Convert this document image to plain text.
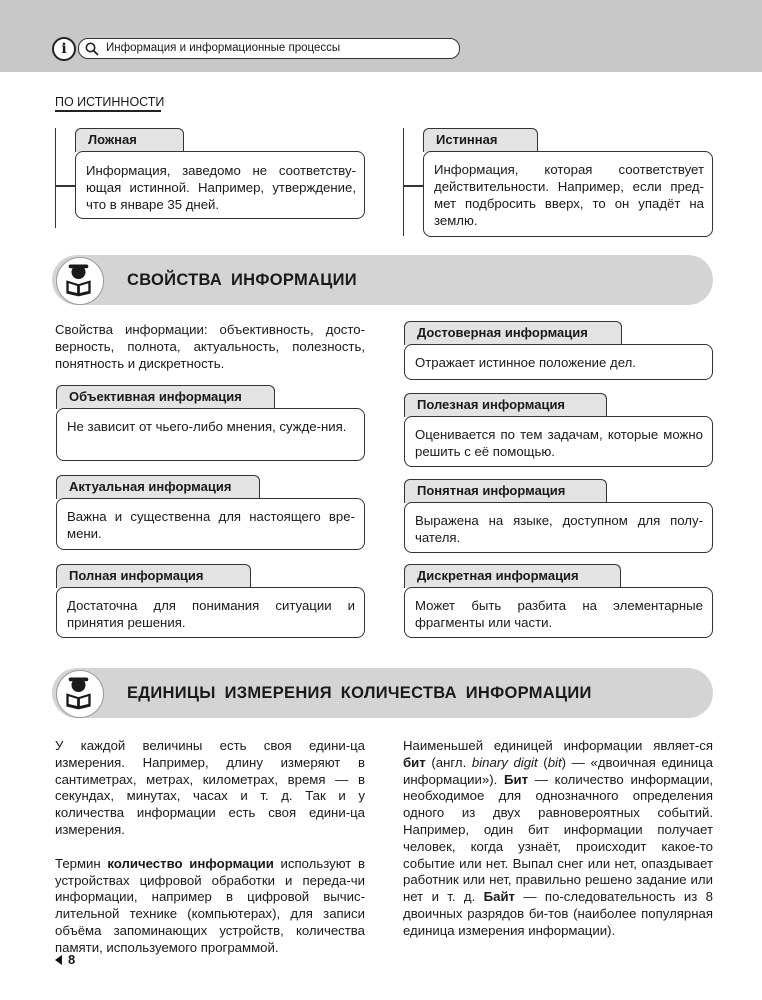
i	Информация и информационные процессы
ПО ИСТИННОСТИ
Ложная
Информация, заведомо не соответству-ющая истинной. Например, утверждение, что в январе 35 дней.
Истинная
Информация, которая соответствует действительности. Например, если пред-мет подбросить вверх, то он упадёт на землю.
СВОЙСТВА ИНФОРМАЦИИ
Свойства информации: объективность, досто-верность, полнота, актуальность, полезность, понятность и дискретность.
Объективная информация
Не зависит от чьего-либо мнения, сужде-ния.
Актуальная информация
Важна и существенна для настоящего вре-мени.
Полная информация
Достаточна для понимания ситуации и принятия решения.
Достоверная информация
Отражает истинное положение дел.
Полезная информация
Оценивается по тем задачам, которые можно решить с её помощью.
Понятная информация
Выражена на языке, доступном для полу-чателя.
Дискретная информация
Может быть разбита на элементарные фрагменты или части.
ЕДИНИЦЫ ИЗМЕРЕНИЯ КОЛИЧЕСТВА ИНФОРМАЦИИ

У каждой величины есть своя едини-ца измерения. Например, длину измеряют в сантиметрах, метрах, километрах, время — в секундах, минутах, часах и т. д. Так и у количества информации есть своя едини-ца измерения.

Термин количество информации используют в устройствах цифровой обработки и переда-чи информации, например в цифровой вычис-лительной технике (компьютерах), для записи объёма запоминающих устройств, количества памяти, используемого программой.

Наименьшей единицей информации являет-ся бит (англ. binary digit (bit) — «двоичная единица информации»). Бит — количество информации, необходимое для однозначного определения одного из двух равновероятных событий. Например, один бит информации получает человек, когда узнаёт, происходит какое-то событие или нет. Выпал снег или нет, опаздывает работник или нет, правильно решено задание или нет и т. д. Байт — по-следовательность из 8 двоичных разрядов би-тов (наиболее популярная единица измерения информации).

8
